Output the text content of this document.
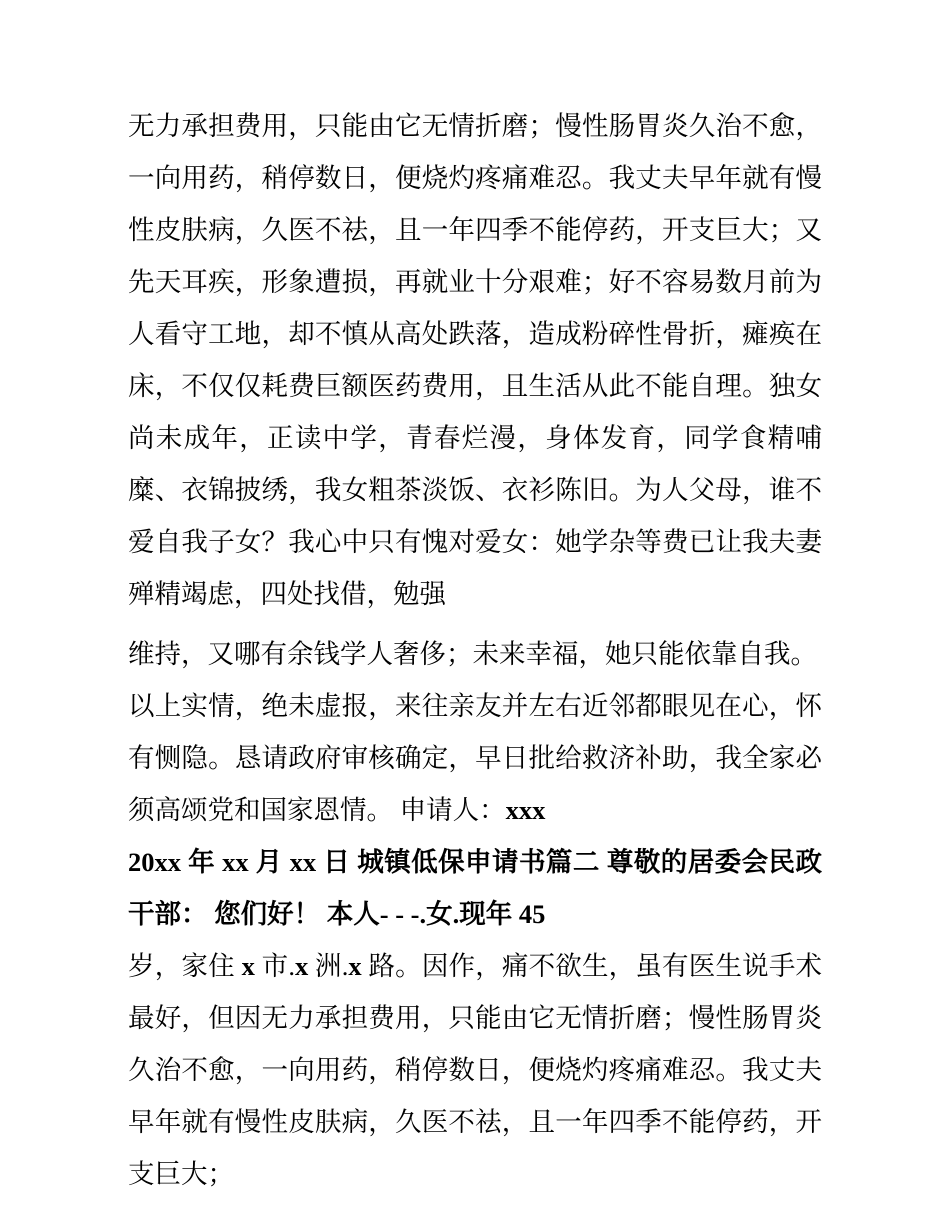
无力承担费用，只能由它无情折磨；慢性肠胃炎久治不愈，一向用药，稍停数日，便烧灼疼痛难忍。我丈夫早年就有慢性皮肤病，久医不祛，且一年四季不能停药，开支巨大；又先天耳疾，形象遭损，再就业十分艰难；好不容易数月前为人看守工地，却不慎从高处跌落，造成粉碎性骨折，瘫痪在床，不仅仅耗费巨额医药费用，且生活从此不能自理。独女尚未成年，正读中学，青春烂漫，身体发育，同学食精哺糜、衣锦披绣，我女粗茶淡饭、衣衫陈旧。为人父母，谁不爱自我子女？我心中只有愧对爱女：她学杂等费已让我夫妻殚精竭虑，四处找借，勉强

维持，又哪有余钱学人奢侈；未来幸福，她只能依靠自我。

以上实情，绝未虚报，来往亲友并左右近邻都眼见在心，怀有恻隐。恳请政府审核确定，早日批给救济补助，我全家必须高颂党和国家恩情。 申请人：xxx

20xx 年 xx 月 xx 日 城镇低保申请书篇二 尊敬的居委会民政干部： 您们好！ 本人- - -.女.现年 45

岁，家住 x 市.x 洲.x 路。因作，痛不欲生，虽有医生说手术最好，但因无力承担费用，只能由它无情折磨；慢性肠胃炎久治不愈，一向用药，稍停数日，便烧灼疼痛难忍。我丈夫早年就有慢性皮肤病，久医不祛，且一年四季不能停药，开支巨大；
